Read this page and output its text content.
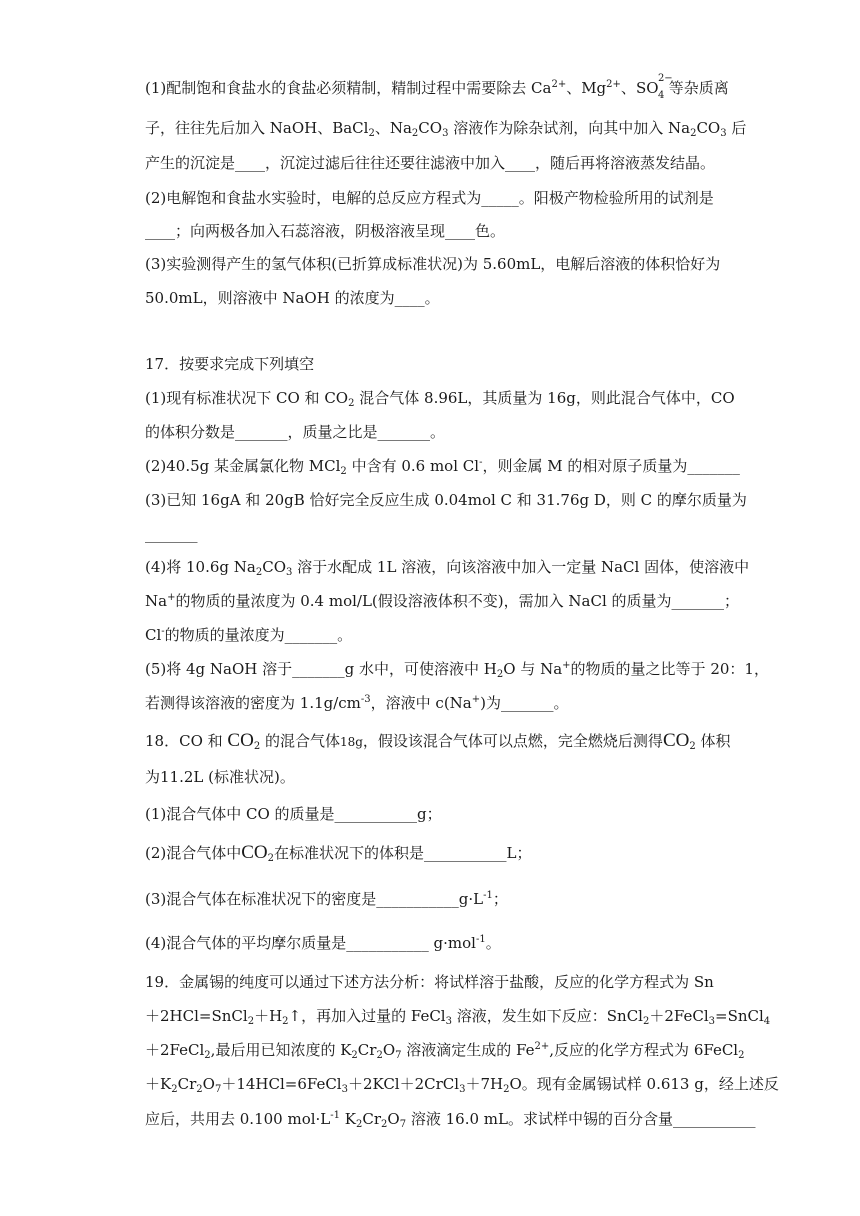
(1)配制饱和食盐水的食盐必须精制，精制过程中需要除去 $Ca^{2+}$、$Mg^{2+}$、SO
2−
4 等杂质离
子，往往先后加入 NaOH、BaCl$_2$、$Na_2CO_3$ 溶液作为除杂试剂，向其中加入 $Na_2CO_3$ 后
产生的沉淀是____，沉淀过滤后往往还要往滤液中加入____，随后再将溶液蒸发结晶。
(2)电解饱和食盐水实验时，电解的总反应方程式为_____。阳极产物检验所用的试剂是
____；向两极各加入石蕊溶液，阴极溶液呈现____色。
(3)实验测得产生的氢气体积(已折算成标准状况)为 5.60mL，电解后溶液的体积恰好为
50.0mL，则溶液中 NaOH 的浓度为____。
17．按要求完成下列填空
(1)现有标准状况下 CO 和 $CO_2$ 混合气体 8.96L，其质量为 16g，则此混合气体中，CO
的体积分数是_______，质量之比是_______。
(2)40.5g 某金属氯化物 MCl$_2$ 中含有 0.6 mol Cl-，则金属 M 的相对原子质量为_______
(3)已知 16gA 和 20gB 恰好完全反应生成 0.04mol C 和 31.76g D，则 C 的摩尔质量为
_______
(4)将 10.6g $Na_2CO_3$ 溶于水配成 1L 溶液，向该溶液中加入一定量 NaCl 固体，使溶液中
Na+的物质的量浓度为 0.4 mol/L(假设溶液体积不变)，需加入 NaCl 的质量为_______；
Cl-的物质的量浓度为_______。
(5)将 4g NaOH 溶于_______g 水中，可使溶液中 $H_2O$ 与 Na+的物质的量之比等于 20：1，
若测得该溶液的密度为 $1.1g/cm^{-3}$，溶液中 c(Na+)为_______。
18．CO 和 $CO_2$ 的混合气体18g，假设该混合气体可以点燃，完全燃烧后测得$CO_2$ 体积
为11.2L (标准状况)。
(1)混合气体中 CO 的质量是___________g；
(2)混合气体中$CO_2$在标准状况下的体积是___________L；
(3)混合气体在标准状况下的密度是$\_\_\_\_\_\_\_\_\_\_\_g\cdot L^{-1}$；
(4)混合气体的平均摩尔质量是___________ g·mol$^{-1}$。
19．金属锡的纯度可以通过下述方法分析：将试样溶于盐酸，反应的化学方程式为 Sn
$+2HCl=SnCl_2+H_2↑$，再加入过量的 FeCl$_3$ 溶液，发生如下反应：SnCl$_2$＋2FeCl$_3$=SnCl$_4$
＋2FeCl$_2$,最后用已知浓度的 $K_2Cr_2O_7$ 溶液滴定生成的 $Fe^{2+}$,反应的化学方程式为 6FeCl$_2$
$+K_2Cr_2O_7+14HCl=6FeCl_3+2KCl+2CrCl_3+7H_2O$。现有金属锡试样 0.613 g，经上述反
应后，共用去 0.100 $mol\cdot L^{-1}$ $K_2Cr_2O_7$ 溶液 16.0 mL。求试样中锡的百分含量___________
